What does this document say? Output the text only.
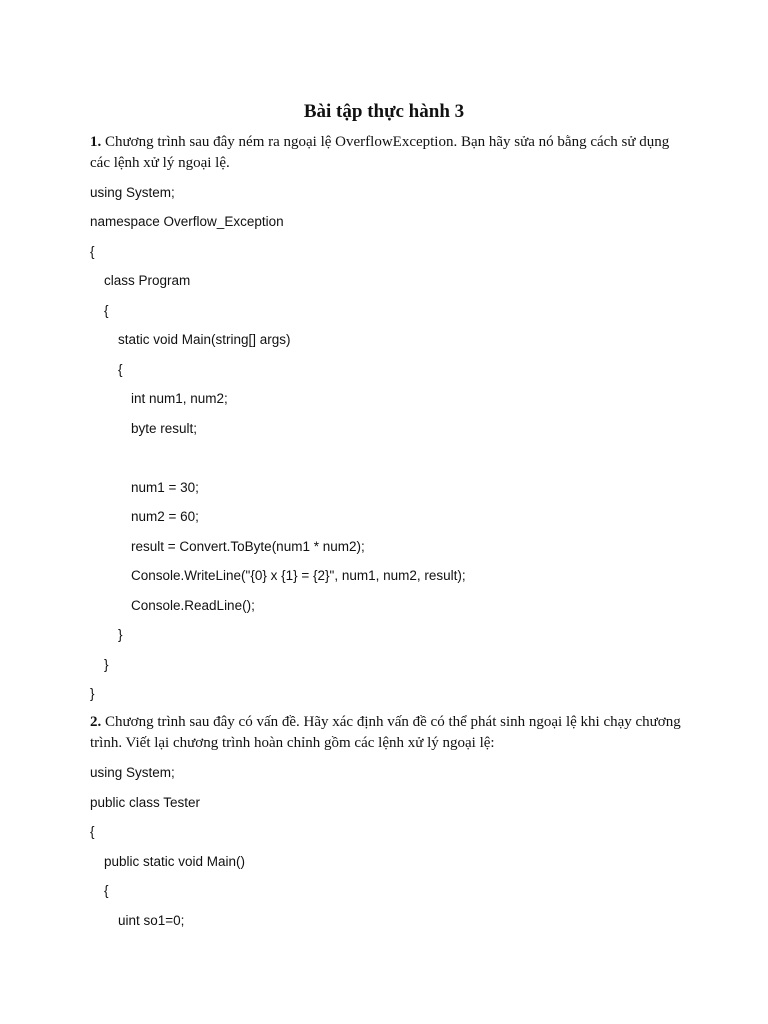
Bài tập thực hành 3
1. Chương trình sau đây ném ra ngoại lệ OverflowException. Bạn hãy sửa nó bằng cách sử dụng các lệnh xử lý ngoại lệ.
using System;
namespace Overflow_Exception
{
class Program
{
static void Main(string[] args)
{
int num1, num2;
byte result;
num1 = 30;
num2 = 60;
result = Convert.ToByte(num1 * num2);
Console.WriteLine("{0} x {1} = {2}", num1, num2, result);
Console.ReadLine();
}
}
}
2. Chương trình sau đây có vấn đề. Hãy xác định vấn đề có thể phát sinh ngoại lệ khi chạy chương trình. Viết lại chương trình hoàn chỉnh gồm các lệnh xử lý ngoại lệ:
using System;
public class Tester
{
public static void Main()
{
uint so1=0;
